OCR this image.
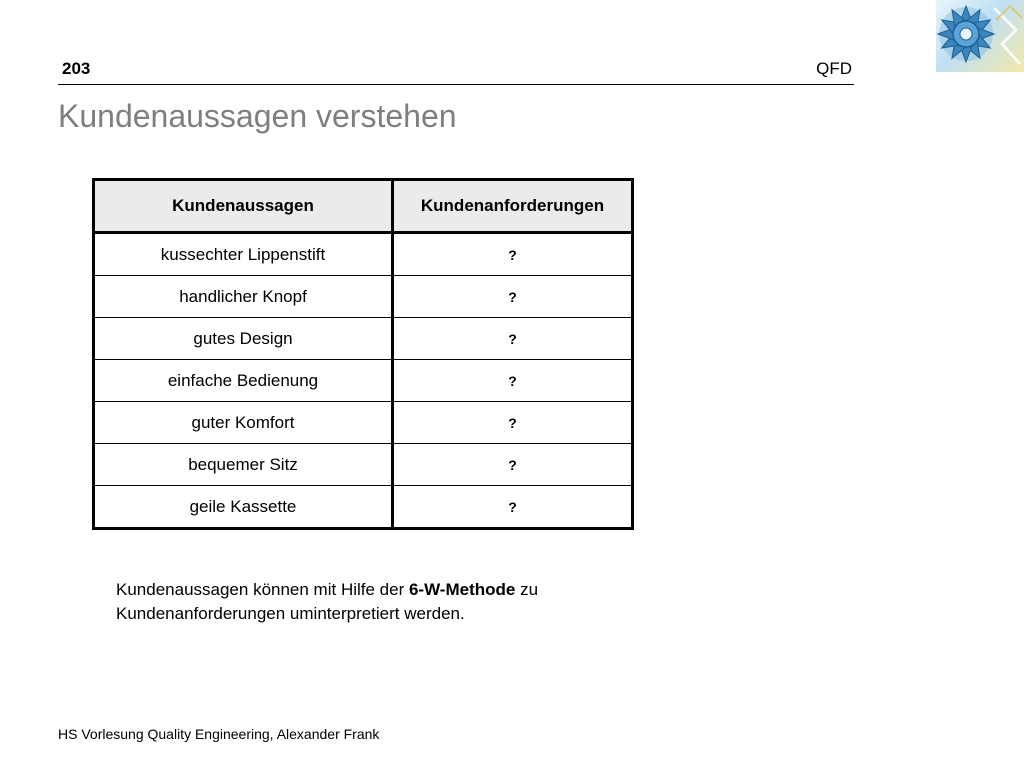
203	QFD
Kundenaussagen verstehen
Kundenaussagen	Kundenanforderungen
kussechter Lippenstift	?
handlicher Knopf	?
gutes Design	?
einfache Bedienung	?
guter Komfort	?
bequemer Sitz	?
geile Kassette	?

Kundenaussagen können mit Hilfe der 6-W-Methode zu Kundenanforderungen uminterpretiert werden.

HS Vorlesung Quality Engineering, Alexander Frank
